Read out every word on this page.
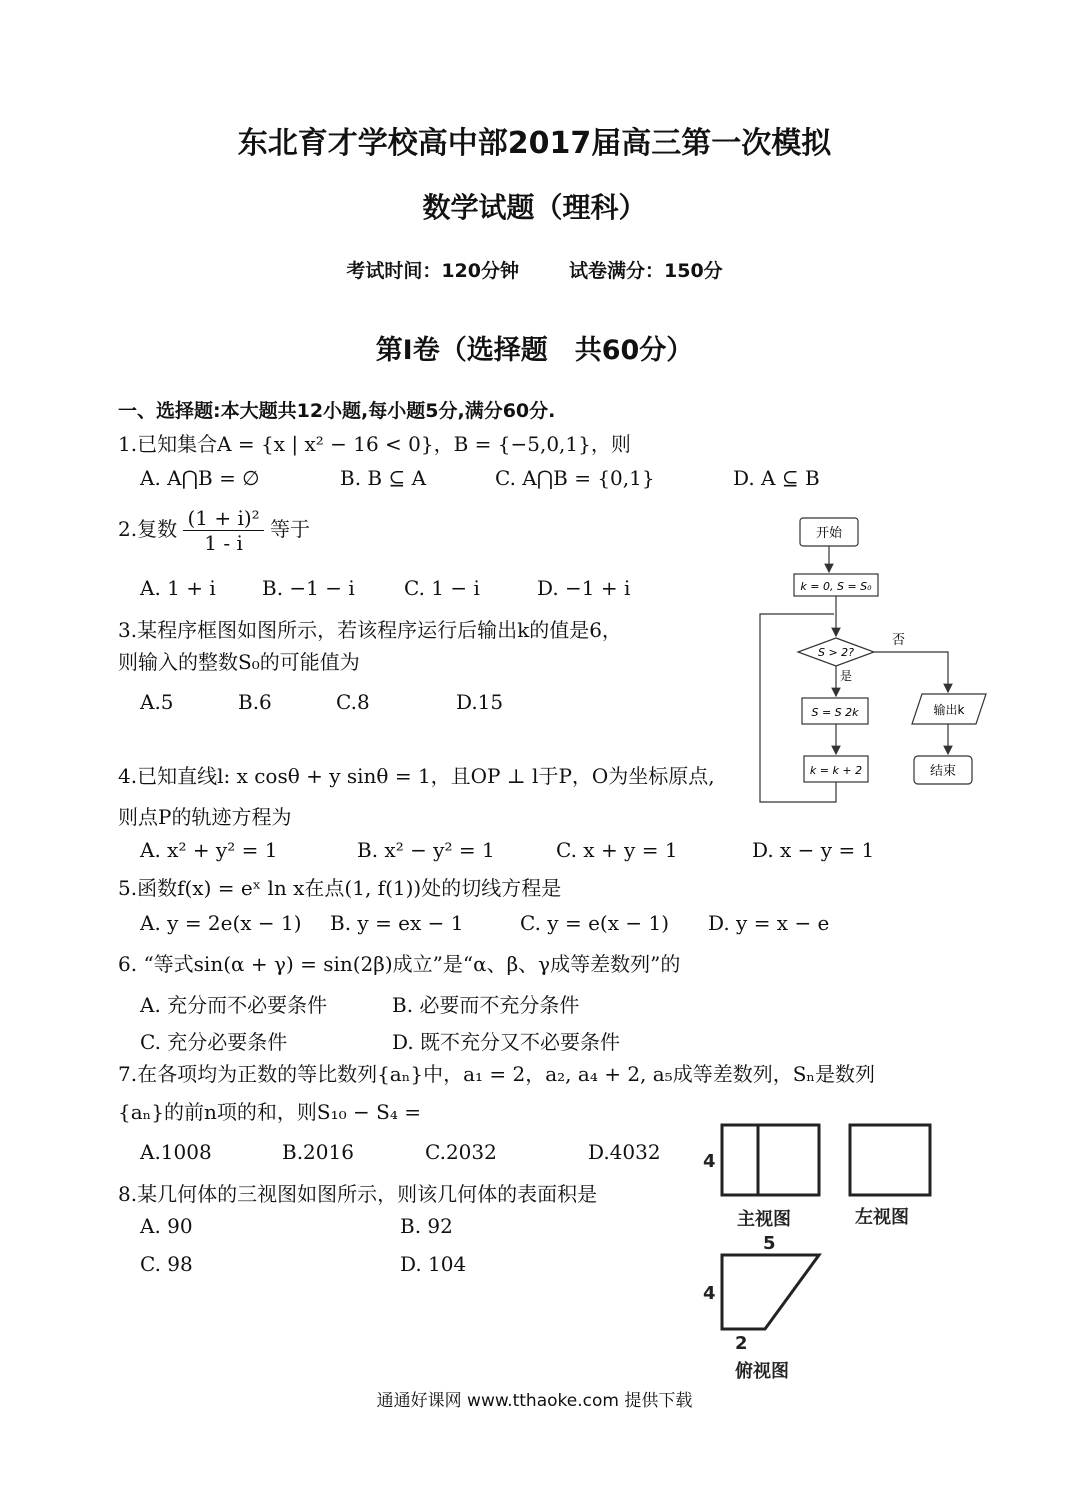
东北育才学校高中部2017届高三第一次模拟
数学试题（理科）
考试时间：120分钟	试卷满分：150分
第Ⅰ卷（选择题　共60分）
一、选择题:本大题共12小题,每小题5分,满分60分.
1.已知集合A = {x | x² − 16 < 0}，B = {−5,0,1}，则
A. A⋂B = ∅	B. B ⊆ A	C. A⋂B = {0,1}	D. A ⊆ B
2.复数 $\frac{\text{(1 + i)²}}{1 - i}$ 等于
A. 1 + i B. −1 − i C. 1 − i	D. −1 + i
3.某程序框图如图所示，若该程序运行后输出k的值是6，
则输入的整数S₀的可能值为
A.5	B.6	C.8	D.15
4.已知直线l: x cosθ + y sinθ = 1，且OP ⊥ l于P，O为坐标原点,
则点P的轨迹方程为
A. x² + y² = 1	B. x² − y² = 1	C. x + y = 1	D. x − y = 1
5.函数f(x) = eˣ ln x在点(1, f(1))处的切线方程是
A. y = 2e(x − 1) B. y = ex − 1	C. y = e(x − 1) D. y = x − e
6. “等式sin(α + γ) = sin(2β)成立”是“α、β、γ成等差数列”的
A. 充分而不必要条件	B. 必要而不充分条件
C. 充分必要条件	D. 既不充分又不必要条件
7.在各项均为正数的等比数列{aₙ}中，a₁ = 2，a₂, a₄ + 2, a₅成等差数列，Sₙ是数列
{aₙ}的前n项的和，则S₁₀ − S₄ =
A.1008	B.2016	C.2032	D.4032
8.某几何体的三视图如图所示，则该几何体的表面积是
A. 90	B. 92
C. 98	D. 104
开始
k = 0, S = S₀
S > 2?
否
是
S = S 2k
k = k + 2
输出k
结束
4
主视图	左视图
5
4
2
俯视图
通通好课网 www.tthaoke.com 提供下载
